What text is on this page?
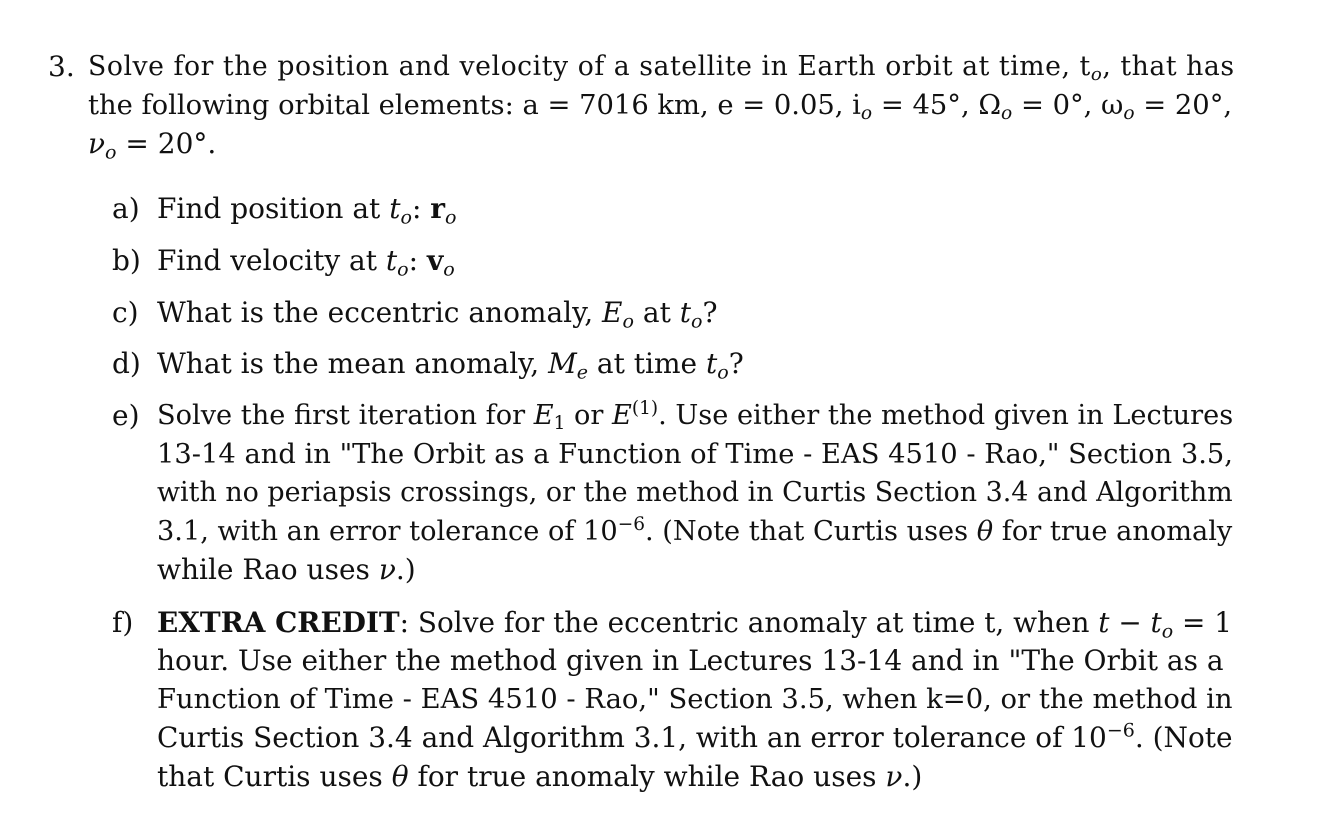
3. Solve for the position and velocity of a satellite in Earth orbit at time, $t_o$, that has
the following orbital elements: a = 7016 km, e = 0.05, $i_o = 45^\circ$, $\Omega_o = 0^\circ$, $\omega_o = 20^\circ$,
$\nu_o = 20^\circ$.
a) Find position at $t_o$: $r_o$
b) Find velocity at $t_o$: $v_o$
c) What is the eccentric anomaly, $E_o$ at $t_o$?
d) What is the mean anomaly, $M_e$ at time $t_o$?
e) Solve the first iteration for $E_1$ or $E^{(1)}$. Use either the method given in Lectures
13-14 and in "The Orbit as a Function of Time - EAS 4510 - Rao," Section 3.5,
with no periapsis crossings, or the method in Curtis Section 3.4 and Algorithm
3.1, with an error tolerance of $10^{-6}$. (Note that Curtis uses θ for true anomaly
while Rao uses ν.)
f) EXTRA CREDIT: Solve for the eccentric anomaly at time t, when $t - t_o = 1$
hour. Use either the method given in Lectures 13-14 and in "The Orbit as a
Function of Time - EAS 4510 - Rao," Section 3.5, when k=0, or the method in
Curtis Section 3.4 and Algorithm 3.1, with an error tolerance of $10^{-6}$. (Note
that Curtis uses θ for true anomaly while Rao uses ν.)
